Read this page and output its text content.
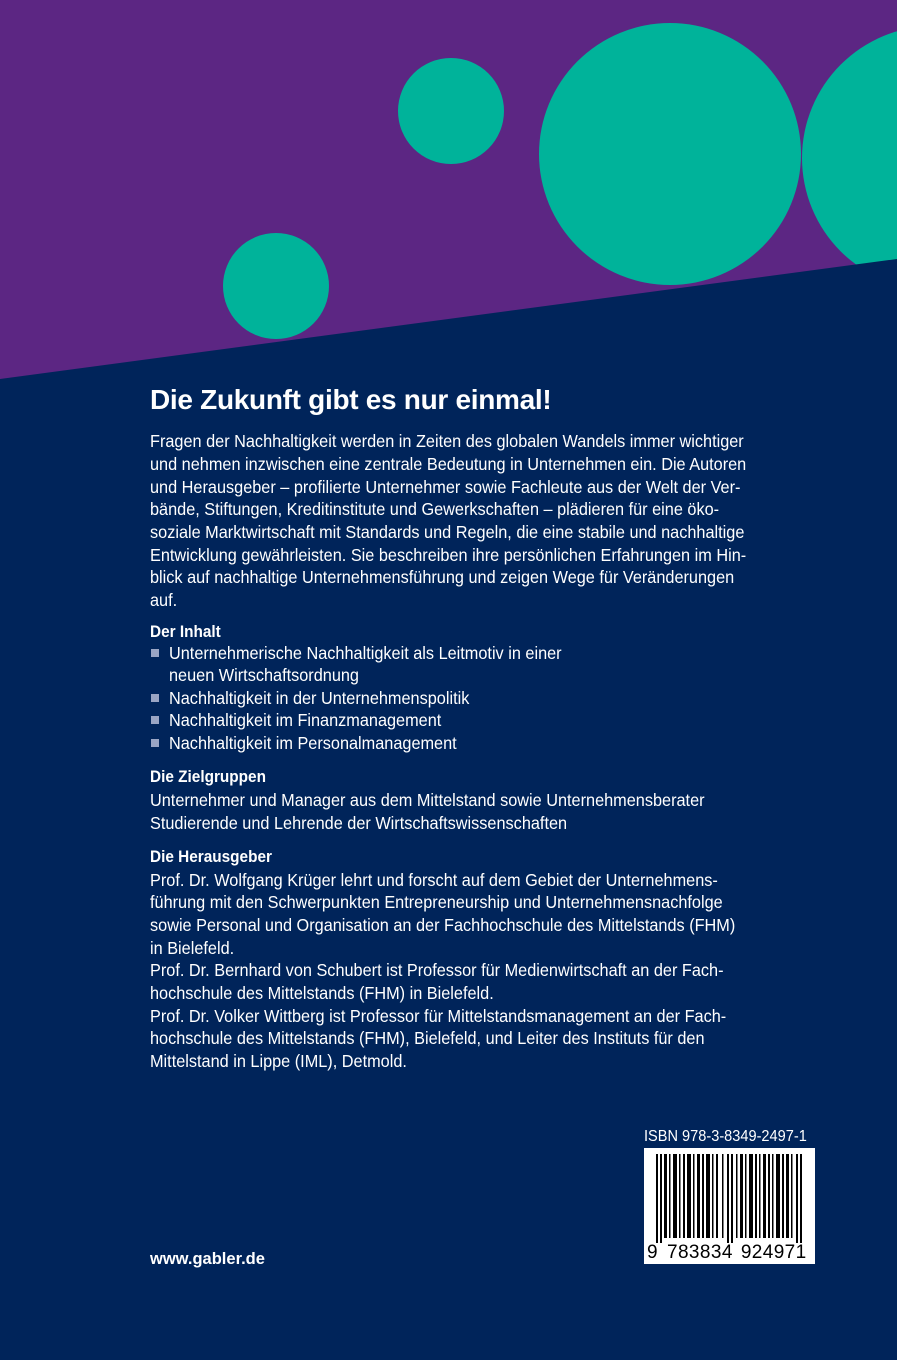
Die Zukunft gibt es nur einmal!
Fragen der Nachhaltigkeit werden in Zeiten des globalen Wandels immer wichtiger
und nehmen inzwischen eine zentrale Bedeutung in Unternehmen ein. Die Autoren
und Herausgeber – profilierte Unternehmer sowie Fachleute aus der Welt der Ver-
bände, Stiftungen, Kreditinstitute und Gewerkschaften – plädieren für eine öko-
soziale Marktwirtschaft mit Standards und Regeln, die eine stabile und nachhaltige
Entwicklung gewährleisten. Sie beschreiben ihre persönlichen Erfahrungen im Hin-
blick auf nachhaltige Unternehmensführung und zeigen Wege für Veränderungen
auf.
Der Inhalt
Unternehmerische Nachhaltigkeit als Leitmotiv in einer
neuen Wirtschaftsordnung
Nachhaltigkeit in der Unternehmenspolitik
Nachhaltigkeit im Finanzmanagement
Nachhaltigkeit im Personalmanagement
Die Zielgruppen
Unternehmer und Manager aus dem Mittelstand sowie Unternehmensberater
Studierende und Lehrende der Wirtschaftswissenschaften
Die Herausgeber
Prof. Dr. Wolfgang Krüger lehrt und forscht auf dem Gebiet der Unternehmens-
führung mit den Schwerpunkten Entrepreneurship und Unternehmensnachfolge
sowie Personal und Organisation an der Fachhochschule des Mittelstands (FHM)
in Bielefeld.
Prof. Dr. Bernhard von Schubert ist Professor für Medienwirtschaft an der Fach-
hochschule des Mittelstands (FHM) in Bielefeld.
Prof. Dr. Volker Wittberg ist Professor für Mittelstandsmanagement an der Fach-
hochschule des Mittelstands (FHM), Bielefeld, und Leiter des Instituts für den
Mittelstand in Lippe (IML), Detmold.
ISBN 978-3-8349-2497-1
9 783834 924971
www.gabler.de
